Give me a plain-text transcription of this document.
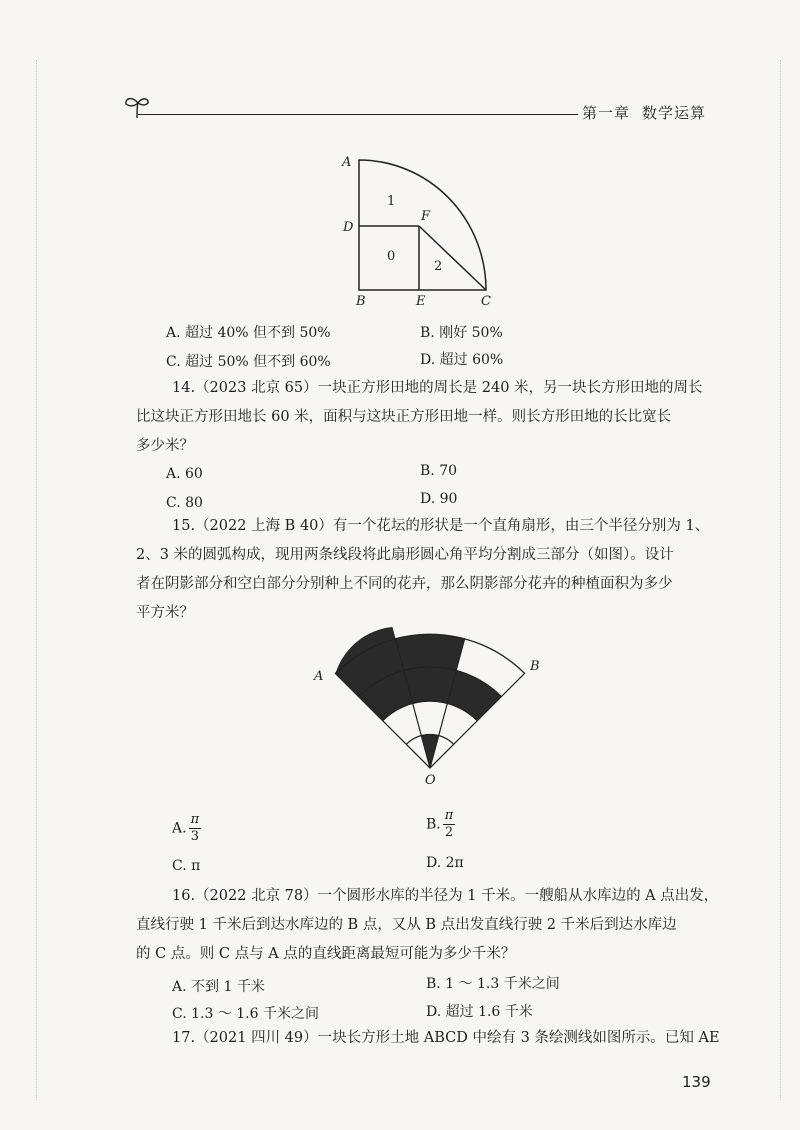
第一章 数学运算
A
D
B	E	C
F
1
0
2
A. 超过 40% 但不到 50%	B. 刚好 50%
C. 超过 50% 但不到 60%	D. 超过 60%
14.（2023 北京 65）一块正方形田地的周长是 240 米，另一块长方形田地的周长
比这块正方形田地长 60 米，面积与这块正方形田地一样。则长方形田地的长比宽长
多少米？
A. 60	B. 70
C. 80	D. 90
15.（2022 上海 B 40）有一个花坛的形状是一个直角扇形，由三个半径分别为 1、
2、3 米的圆弧构成，现用两条线段将此扇形圆心角平均分割成三部分（如图）。设计
者在阴影部分和空白部分分别种上不同的花卉，那么阴影部分花卉的种植面积为多少
平方米？
A
B
O
A. $\frac{\pi}{3}$	B. $\frac{\pi}{2}$
C. π	D. 2π
16.（2022 北京 78）一个圆形水库的半径为 1 千米。一艘船从水库边的 A 点出发，
直线行驶 1 千米后到达水库边的 B 点，又从 B 点出发直线行驶 2 千米后到达水库边
的 C 点。则 C 点与 A 点的直线距离最短可能为多少千米？
A. 不到 1 千米	B. 1 ～ 1.3 千米之间
C. 1.3 ～ 1.6 千米之间	D. 超过 1.6 千米
17.（2021 四川 49）一块长方形土地 ABCD 中绘有 3 条绘测线如图所示。已知 AE
139
